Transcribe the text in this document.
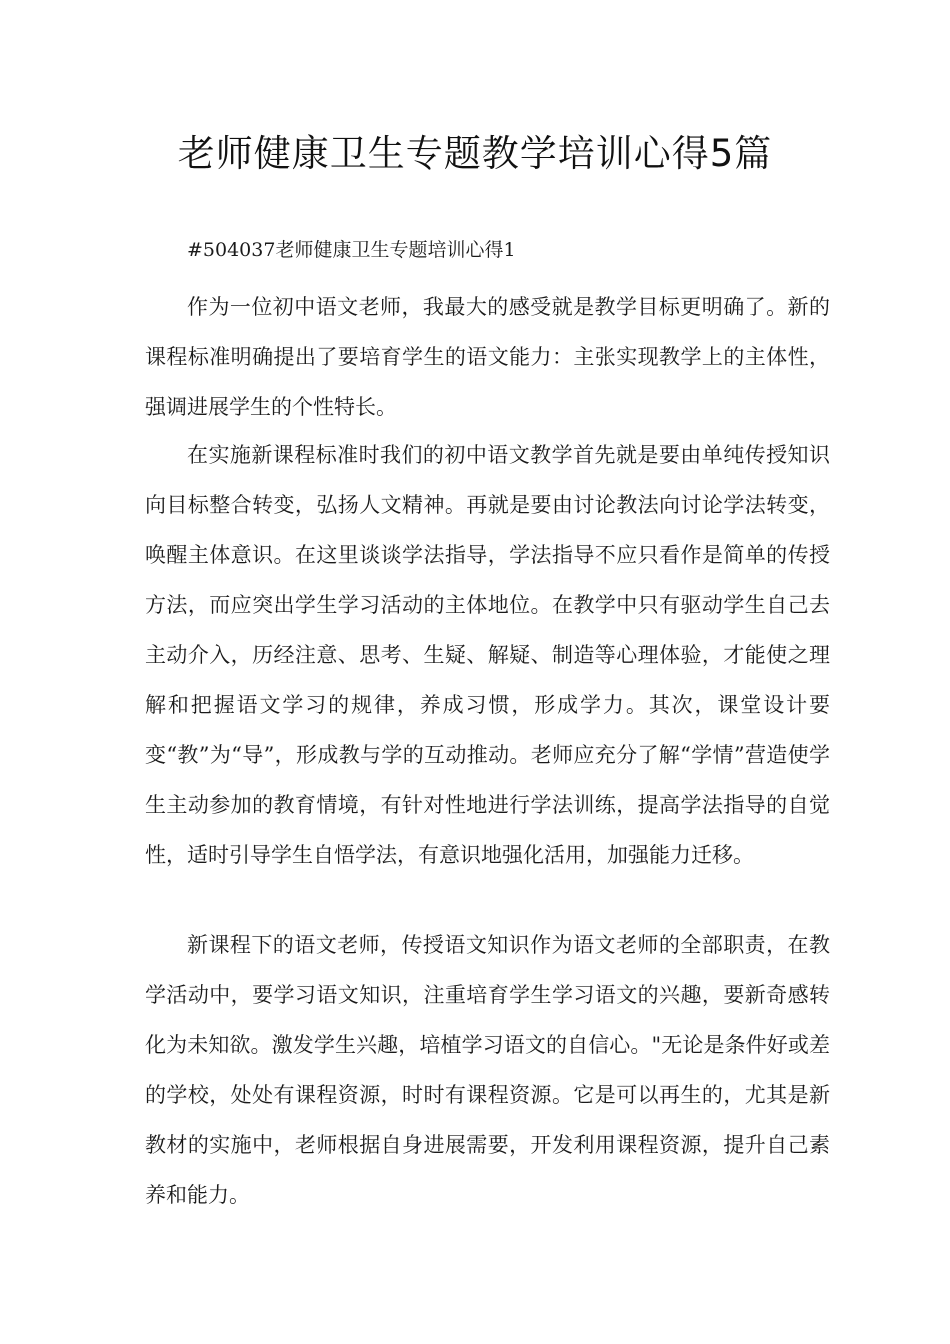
老师健康卫生专题教学培训心得5篇

#504037老师健康卫生专题培训心得1

作为一位初中语文老师，我最大的感受就是教学目标更明确了。新的课程标准明确提出了要培育学生的语文能力：主张实现教学上的主体性，强调进展学生的个性特长。

在实施新课程标准时我们的初中语文教学首先就是要由单纯传授知识向目标整合转变，弘扬人文精神。再就是要由讨论教法向讨论学法转变，唤醒主体意识。在这里谈谈学法指导，学法指导不应只看作是简单的传授方法，而应突出学生学习活动的主体地位。在教学中只有驱动学生自己去主动介入，历经注意、思考、生疑、解疑、制造等心理体验，才能使之理解和把握语文学习的规律，养成习惯，形成学力。其次，课堂设计要变“教”为“导”，形成教与学的互动推动。老师应充分了解“学情”营造使学生主动参加的教育情境，有针对性地进行学法训练，提高学法指导的自觉性，适时引导学生自悟学法，有意识地强化活用，加强能力迁移。

新课程下的语文老师，传授语文知识作为语文老师的全部职责，在教学活动中，要学习语文知识，注重培育学生学习语文的兴趣，要新奇感转化为未知欲。激发学生兴趣，培植学习语文的自信心。"无论是条件好或差的学校，处处有课程资源，时时有课程资源。它是可以再生的，尤其是新教材的实施中，老师根据自身进展需要，开发利用课程资源，提升自己素养和能力。
